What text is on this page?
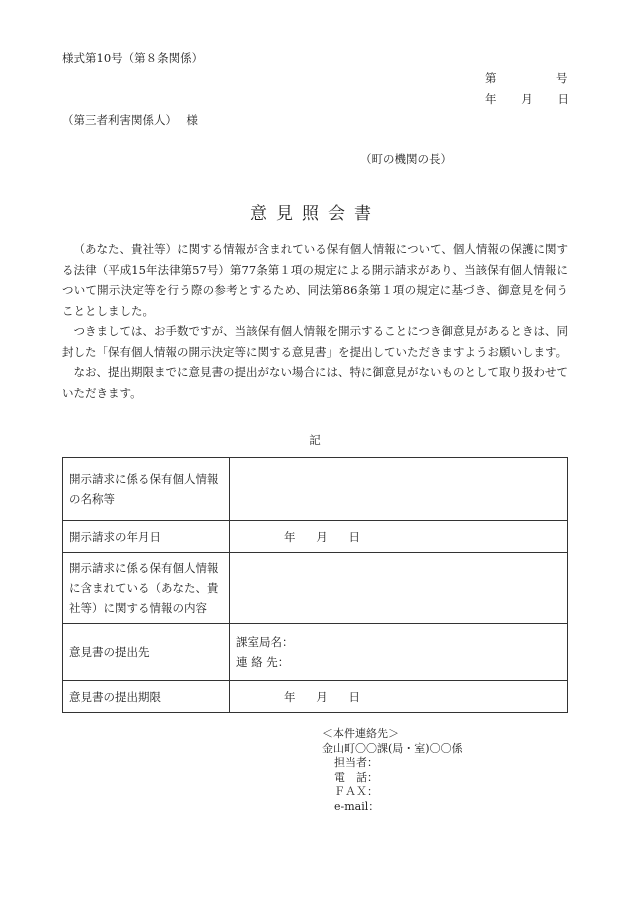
様式第10号（第８条関係）
第	号
年 月 日
（第三者利害関係人）　 様
（町の機関の長）
意見照会書

（あなた、貴社等）に関する情報が含まれている保有個人情報について、個人情報の保護に関する法律（平成15年法律第57号）第77条第１項の規定による開示請求があり、当該保有個人情報について開示決定等を行う際の参考とするため、同法第86条第１項の規定に基づき、御意見を伺うこととしました。

つきましては、お手数ですが、当該保有個人情報を開示することにつき御意見があるときは、同封した「保有個人情報の開示決定等に関する意見書」を提出していただきますようお願いします。

なお、提出期限までに意見書の提出がない場合には、特に御意見がないものとして取り扱わせていただきます。

記
開示請求に係る保有個人情報の名称等	
開示請求の年月日	年 月 日

開示請求に係る保有個人情報に含まれている（あなた、貴社等）に関する情報の内容	
意見書の提出先	課室局名：
連 絡 先：

意見書の提出期限	年 月 日
＜本件連絡先＞
金山町〇〇課(局・室)〇〇係
担当者：
電　話：
ＦＡＸ：
e-mail：
